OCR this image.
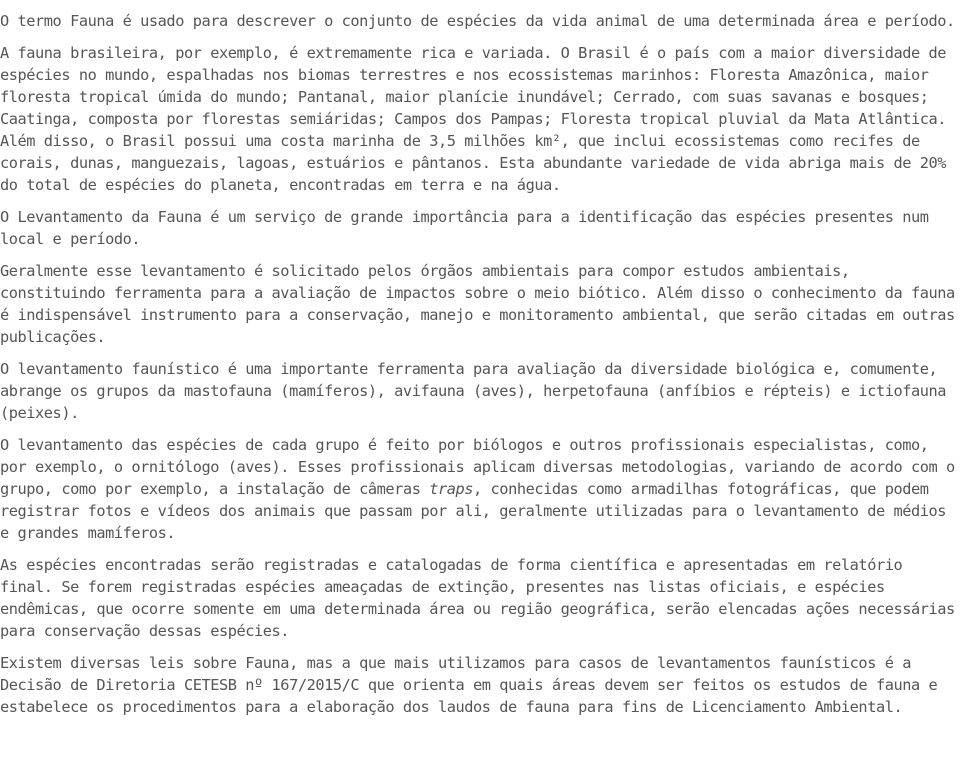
O termo Fauna é usado para descrever o conjunto de espécies da vida animal de uma determinada área e período.

A fauna brasileira, por exemplo, é extremamente rica e variada. O Brasil é o país com a maior diversidade de espécies no mundo, espalhadas nos biomas terrestres e nos ecossistemas marinhos: Floresta Amazônica, maior floresta tropical úmida do mundo; Pantanal, maior planície inundável; Cerrado, com suas savanas e bosques; Caatinga, composta por florestas semiáridas; Campos dos Pampas; Floresta tropical pluvial da Mata Atlântica. Além disso, o Brasil possui uma costa marinha de 3,5 milhões km², que inclui ecossistemas como recifes de corais, dunas, manguezais, lagoas, estuários e pântanos. Esta abundante variedade de vida abriga mais de 20% do total de espécies do planeta, encontradas em terra e na água.

O Levantamento da Fauna é um serviço de grande importância para a identificação das espécies presentes num local e período.

Geralmente esse levantamento é solicitado pelos órgãos ambientais para compor estudos ambientais, constituindo ferramenta para a avaliação de impactos sobre o meio biótico. Além disso o conhecimento da fauna é indispensável instrumento para a conservação, manejo e monitoramento ambiental, que serão citadas em outras publicações.

O levantamento faunístico é uma importante ferramenta para avaliação da diversidade biológica e, comumente, abrange os grupos da mastofauna (mamíferos), avifauna (aves), herpetofauna (anfíbios e répteis) e ictiofauna (peixes).

O levantamento das espécies de cada grupo é feito por biólogos e outros profissionais especialistas, como, por exemplo, o ornitólogo (aves). Esses profissionais aplicam diversas metodologias, variando de acordo com o grupo, como por exemplo, a instalação de câmeras traps, conhecidas como armadilhas fotográficas, que podem registrar fotos e vídeos dos animais que passam por ali, geralmente utilizadas para o levantamento de médios e grandes mamíferos.

As espécies encontradas serão registradas e catalogadas de forma científica e apresentadas em relatório final. Se forem registradas espécies ameaçadas de extinção, presentes nas listas oficiais, e espécies endêmicas, que ocorre somente em uma determinada área ou região geográfica, serão elencadas ações necessárias para conservação dessas espécies.

Existem diversas leis sobre Fauna, mas a que mais utilizamos para casos de levantamentos faunísticos é a Decisão de Diretoria CETESB nº 167/2015/C que orienta em quais áreas devem ser feitos os estudos de fauna e estabelece os procedimentos para a elaboração dos laudos de fauna para fins de Licenciamento Ambiental.
